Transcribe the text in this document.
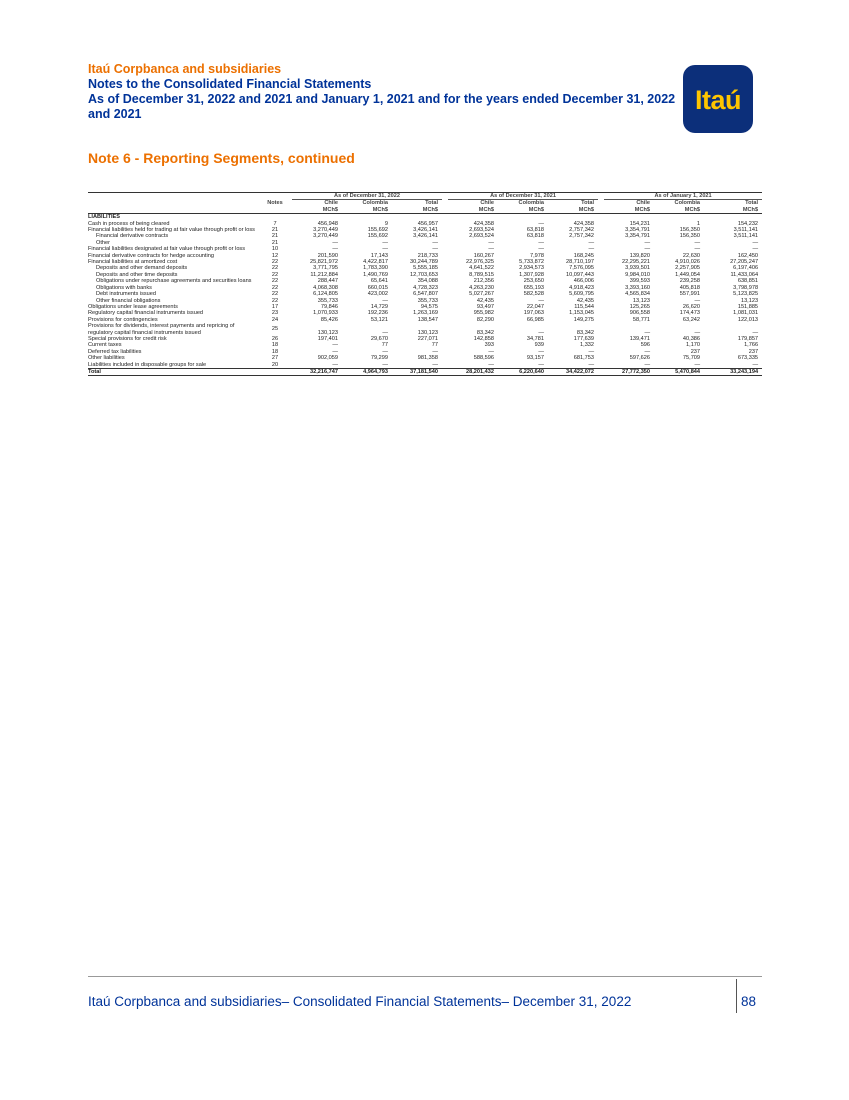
Itaú Corpbanca and subsidiaries
Notes to the Consolidated Financial Statements
As of December 31, 2022 and 2021 and January 1, 2021 and for the years ended December 31, 2022
and 2021	Itaú
Note 6 - Reporting Segments, continued
		As of December 31, 2022				As of December 31, 2021				As of January 1, 2021		
	Notes	Chile	Colombia	Total		Chile	Colombia	Total		Chile	Colombia	Total
		MCh$	MCh$	MCh$		MCh$	MCh$	MCh$		MCh$	MCh$	MCh$
LIABILITIES												
Cash in process of being cleared	7	456,948	9	456,957		424,358	—	424,358		154,231	1	154,232
Financial liabilities held for trading at fair value through profit or loss	21	3,270,449	155,692	3,426,141		2,693,524	63,818	2,757,342		3,354,791	156,350	3,511,141
Financial derivative contracts	21	3,270,449	155,692	3,426,141		2,693,524	63,818	2,757,342		3,354,791	156,350	3,511,141
Other	21	—	—	—		—	—	—		—	—	—
Financial liabilities designated at fair value through profit or loss	10	—	—	—		—	—	—		—	—	—
Financial derivative contracts for hedge accounting	12	201,590	17,143	218,733		160,267	7,978	168,245		139,820	22,630	162,450
Financial liabilities at amortized cost	22	25,821,972	4,422,817	30,244,789		22,976,325	5,733,872	28,710,197		22,295,221	4,910,026	27,205,247
Deposits and other demand deposits	22	3,771,795	1,783,390	5,555,185		4,641,522	2,934,573	7,576,095		3,939,501	2,257,905	6,197,406
Deposits and other time deposits	22	11,212,884	1,490,769	12,703,653		8,789,515	1,307,928	10,097,443		9,984,010	1,449,054	11,433,064
Obligations under repurchase agreements and securities loans	22	288,447	65,641	354,088		212,356	253,650	466,006		399,593	239,258	638,851
Obligations with banks	22	4,068,308	660,015	4,728,323		4,263,230	655,193	4,918,423		3,393,160	405,818	3,798,978
Debt instruments issued	22	6,124,805	423,002	6,547,807		5,027,267	582,528	5,609,795		4,565,834	557,991	5,123,825
Other financial obligations	22	355,733	—	355,733		42,435	—	42,435		13,123	—	13,123
Obligations under lease agreements	17	79,846	14,729	94,575		93,497	22,047	115,544		125,265	26,620	151,885
Regulatory capital financial instruments issued	23	1,070,933	192,236	1,263,169		955,982	197,063	1,153,045		906,558	174,473	1,081,031
Provisions for contingencies	24	85,426	53,121	138,547		82,290	66,985	149,275		58,771	63,242	122,013
Provisions for dividends, interest payments and repricing of regulatory capital financial instruments issued	25	130,123	—	130,123		83,342	—	83,342		—	—	—
Special provisions for credit risk	26	197,401	29,670	227,071		142,858	34,781	177,639		139,471	40,386	179,857
Current taxes	18	—	77	77		393	939	1,332		596	1,170	1,766
Deferred tax liabilities	18	—	—	—		—	—	—		—	237	237
Other liabilities	27	902,059	79,299	981,358		588,596	93,157	681,753		597,626	75,709	673,335
Liabilities included in disposable groups for sale	20	—	—	—		—	—	—		—	—	—
Total		32,216,747	4,964,793	37,181,540		28,201,432	6,220,640	34,422,072		27,772,350	5,470,844	33,243,194
Itaú Corpbanca and subsidiaries– Consolidated Financial Statements– December 31, 2022	88
